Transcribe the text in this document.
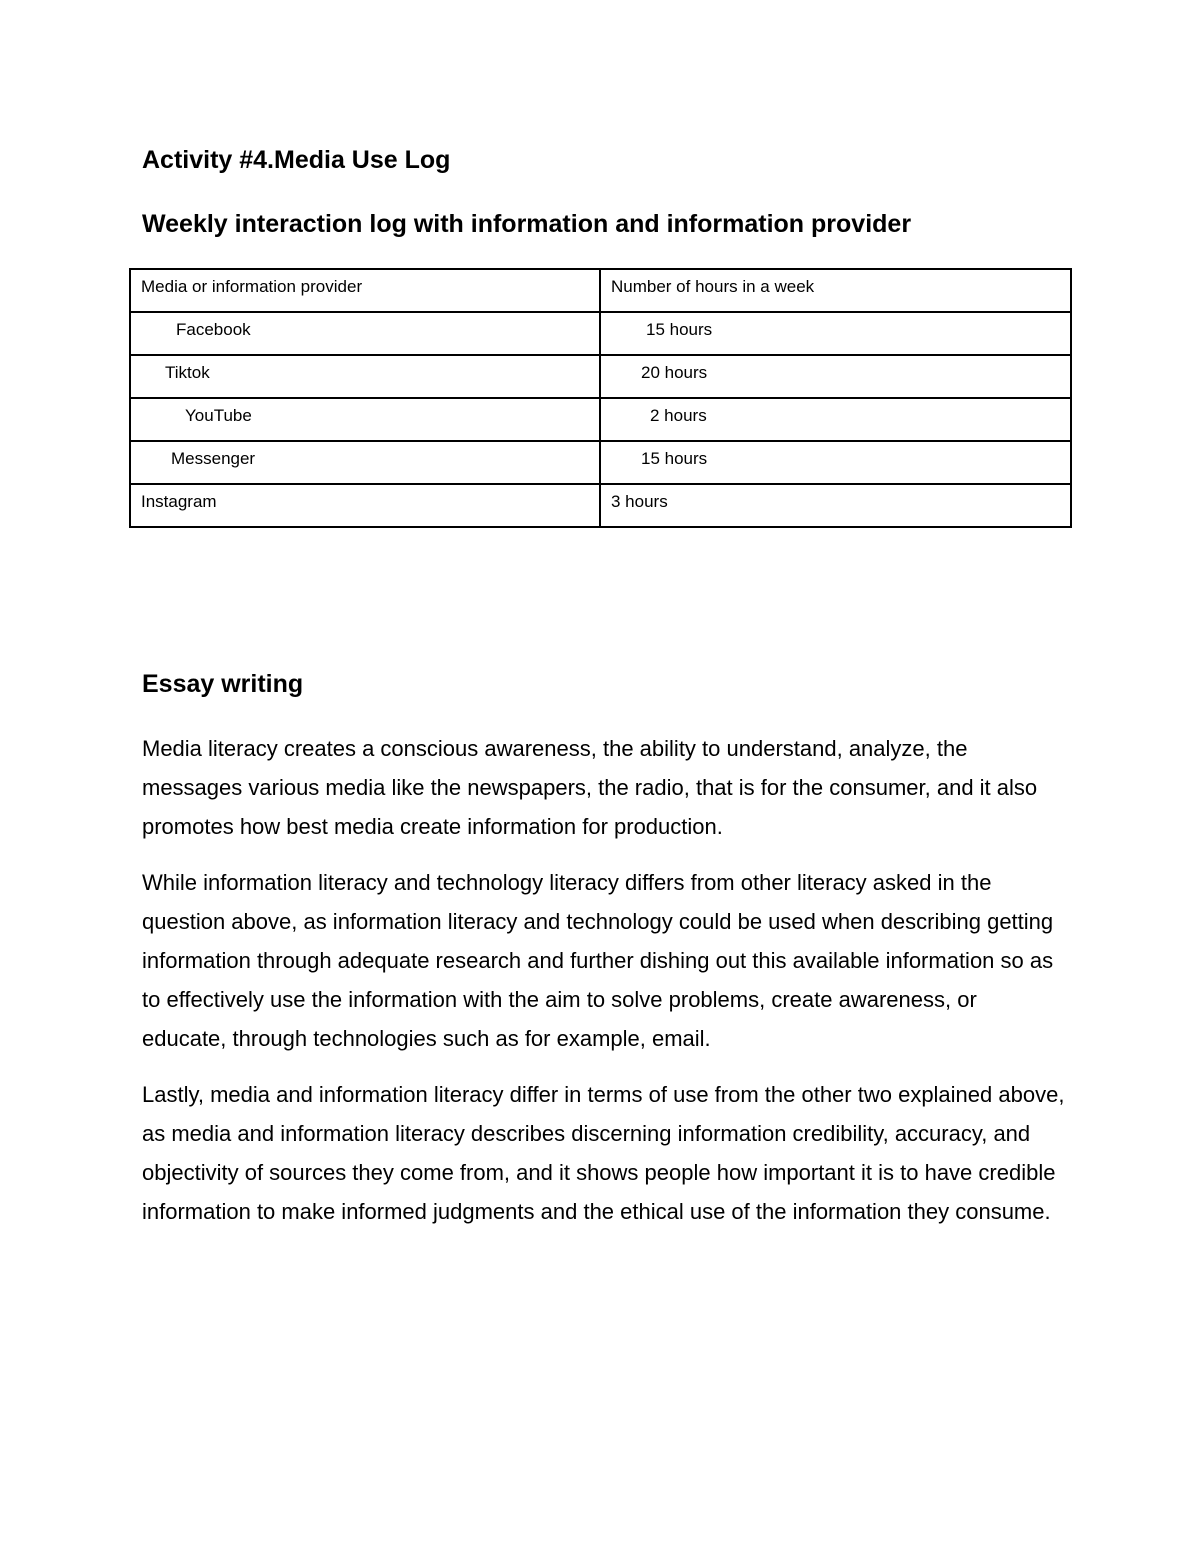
Activity #4.Media Use Log
Weekly interaction log with information and information provider
Media or information provider	Number of hours in a week
Facebook	15 hours
Tiktok	20 hours
YouTube	2 hours
Messenger	15 hours
Instagram	3 hours
Essay writing

Media literacy creates a conscious awareness, the ability to understand, analyze, the messages various media like the newspapers, the radio, that is for the consumer, and it also promotes how best media create information for production.

While information literacy and technology literacy differs from other literacy asked in the question above, as information literacy and technology could be used when describing getting information through adequate research and further dishing out this available information so as to effectively use the information with the aim to solve problems, create awareness, or educate, through technologies such as for example, email.

Lastly, media and information literacy differ in terms of use from the other two explained above, as media and information literacy describes discerning information credibility, accuracy, and objectivity of sources they come from, and it shows people how important it is to have credible information to make informed judgments and the ethical use of the information they consume.
